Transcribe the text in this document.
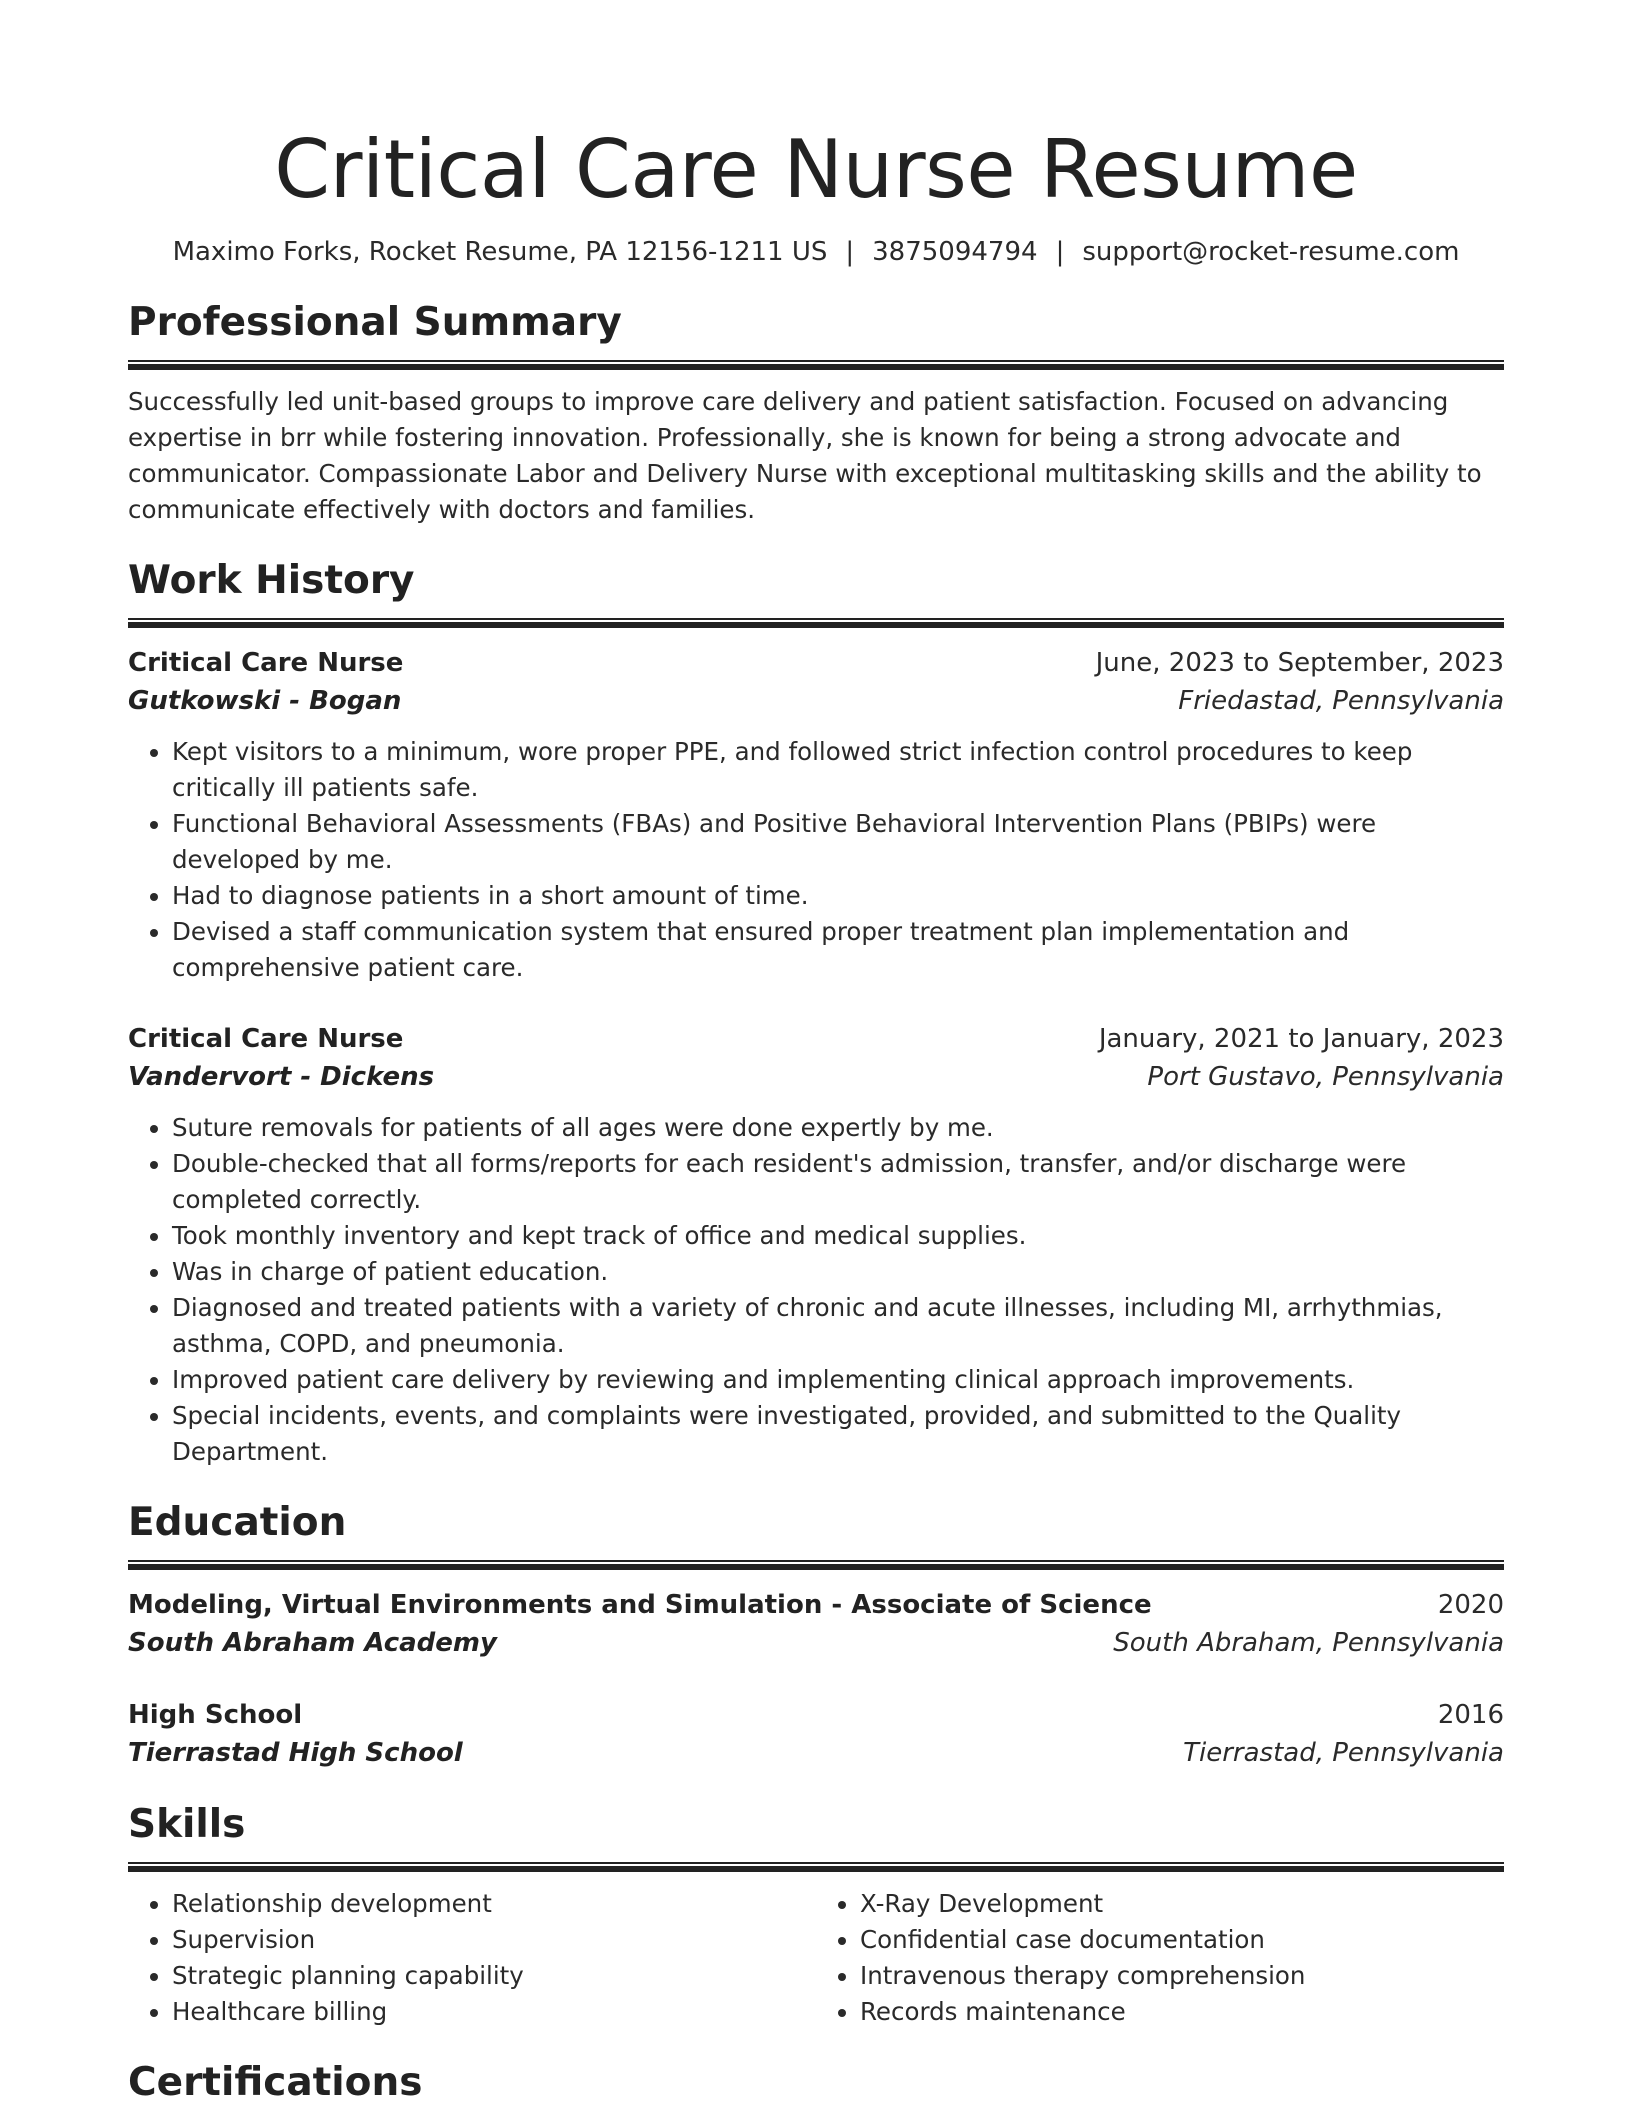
Critical Care Nurse Resume
Maximo Forks, Rocket Resume, PA 12156-1211 US | 3875094794 | support@rocket-resume.com
Professional Summary

Successfully led unit-based groups to improve care delivery and patient satisfaction. Focused on advancing expertise in brr while fostering innovation. Professionally, she is known for being a strong advocate and communicator. Compassionate Labor and Delivery Nurse with exceptional multitasking skills and the ability to communicate effectively with doctors and families.

Work History
Critical Care Nurse	June, 2023 to September, 2023
Gutkowski - Bogan	Friedastad, Pennsylvania
• Kept visitors to a minimum, wore proper PPE, and followed strict infection control procedures to keep critically ill patients safe.
• Functional Behavioral Assessments (FBAs) and Positive Behavioral Intervention Plans (PBIPs) were developed by me.
• Had to diagnose patients in a short amount of time.
• Devised a staff communication system that ensured proper treatment plan implementation and comprehensive patient care.
Critical Care Nurse	January, 2021 to January, 2023
Vandervort - Dickens	Port Gustavo, Pennsylvania
• Suture removals for patients of all ages were done expertly by me.
• Double-checked that all forms/reports for each resident's admission, transfer, and/or discharge were completed correctly.
• Took monthly inventory and kept track of office and medical supplies.
• Was in charge of patient education.
• Diagnosed and treated patients with a variety of chronic and acute illnesses, including MI, arrhythmias, asthma, COPD, and pneumonia.
• Improved patient care delivery by reviewing and implementing clinical approach improvements.
• Special incidents, events, and complaints were investigated, provided, and submitted to the Quality Department.
Education
Modeling, Virtual Environments and Simulation - Associate of Science	2020
South Abraham Academy	South Abraham, Pennsylvania
High School	2016
Tierrastad High School	Tierrastad, Pennsylvania
Skills
• Relationship development
• Supervision
• Strategic planning capability
• Healthcare billing
• X-Ray Development
• Confidential case documentation
• Intravenous therapy comprehension
• Records maintenance
Certifications
